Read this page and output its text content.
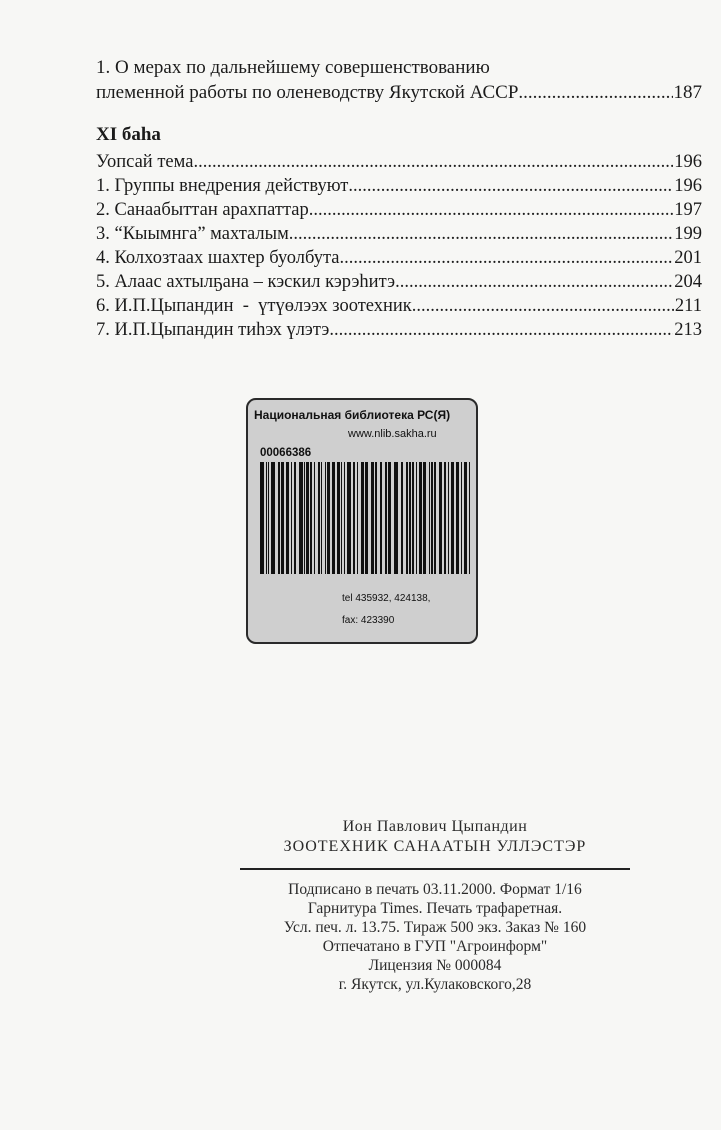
1. О мерах по дальнейшему совершенствованию
племенной работы по оленеводству Якутской АССР .....	187
XI баһа
Уопсай тема .....	196
1. Группы внедрения действуют .....	196
2. Санаабыттан арахпаттар .....	197
3. “Кыымнга” махталым .....	199
4. Колхозтаах шахтер буолбута .....	201
5. Алаас ахтылҕана – кэскил кэрэһитэ .....	204
6. И.П.Цыпандин  -  үтүөлээх зоотехник .....	211
7. И.П.Цыпандин тиһэх үлэтэ .....	213
Национальная библиотека РС(Я)
www.nlib.sakha.ru
00066386
tel 435932, 424138,
fax: 423390
Ион Павлович Цыпандин
ЗООТЕХНИК САНААТЫН УЛЛЭСТЭР
Подписано в печать 03.11.2000. Формат 1/16
Гарнитура Times. Печать трафаретная.
Усл. печ. л. 13.75. Тираж 500 экз. Заказ № 160
Отпечатано в ГУП "Агроинформ"
Лицензия № 000084
г. Якутск, ул.Кулаковского,28
